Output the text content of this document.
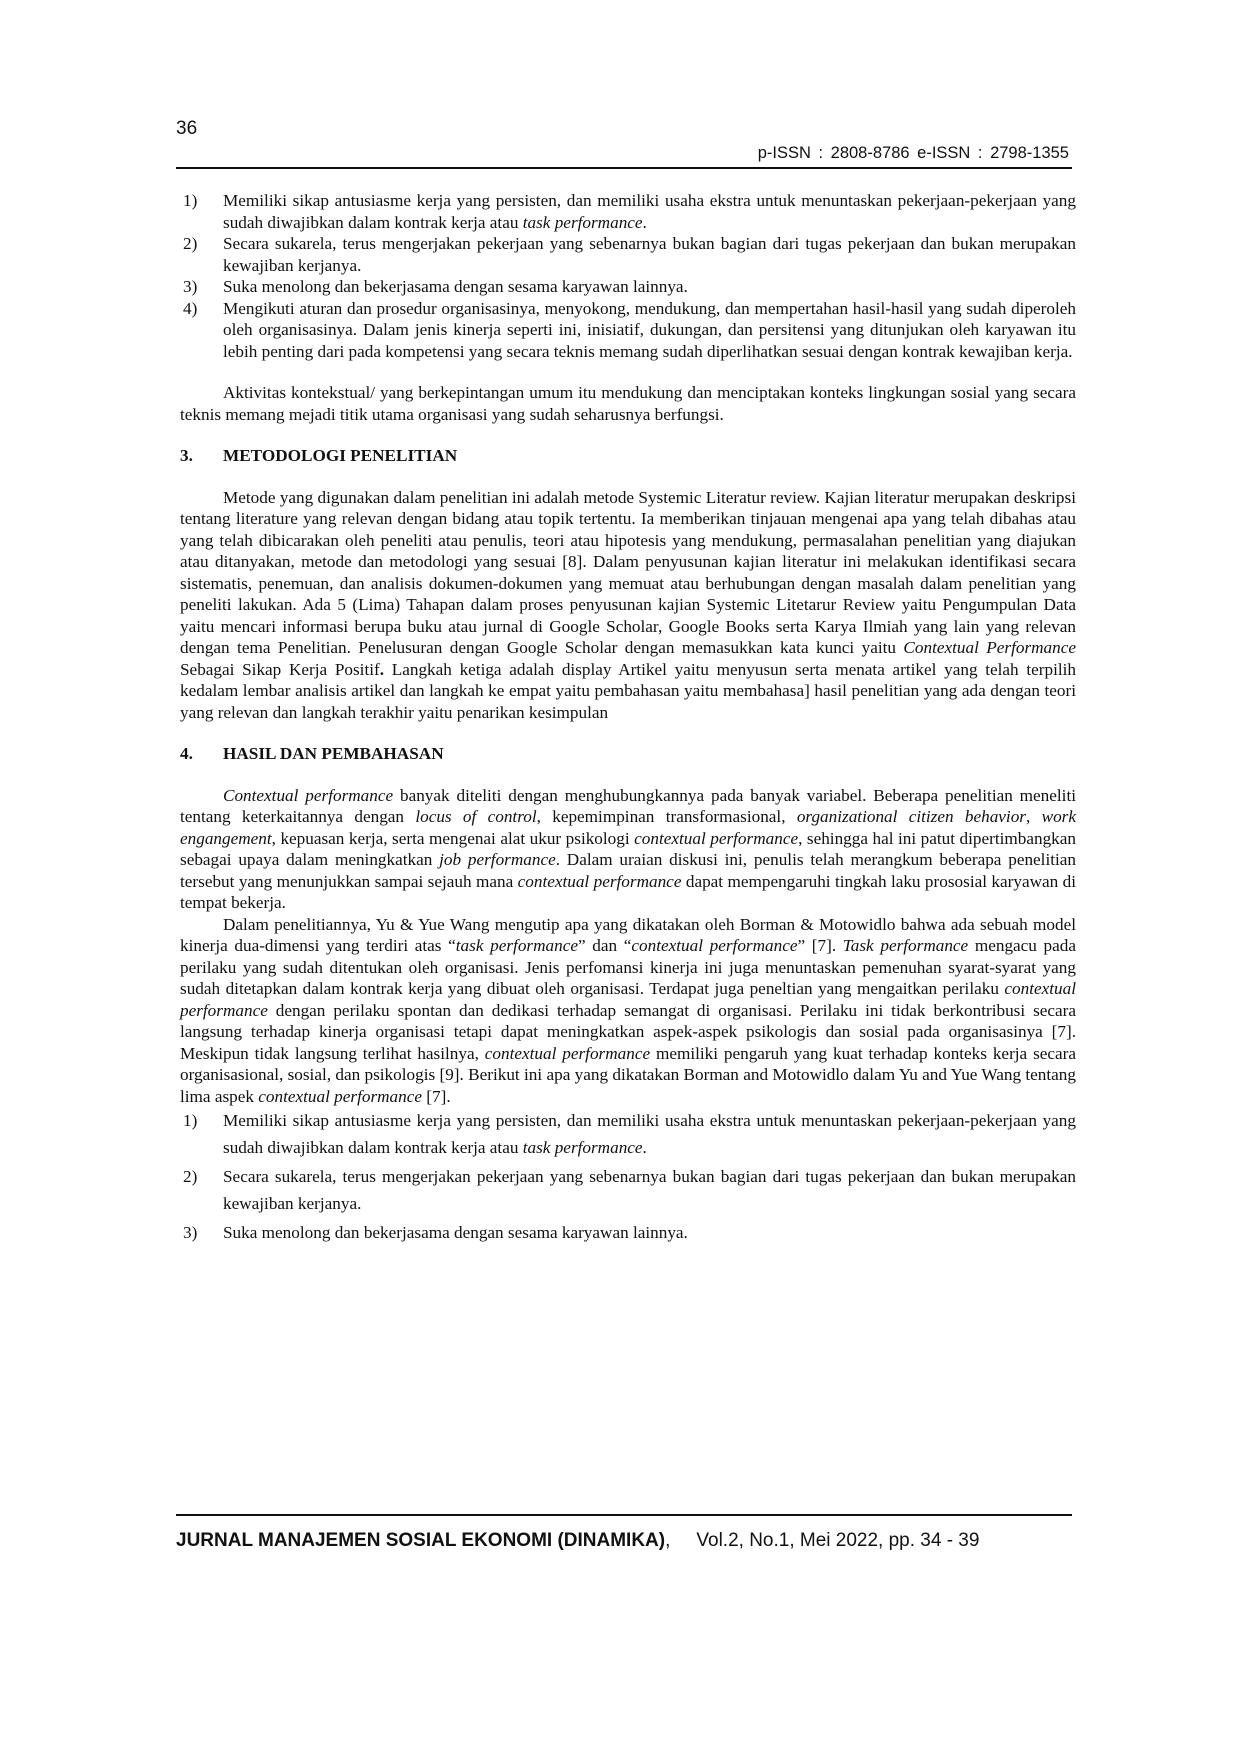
36
p-ISSN : 2808-8786 e-ISSN : 2798-1355
1) Memiliki sikap antusiasme kerja yang persisten, dan memiliki usaha ekstra untuk menuntaskan pekerjaan-pekerjaan yang sudah diwajibkan dalam kontrak kerja atau task performance.
2) Secara sukarela, terus mengerjakan pekerjaan yang sebenarnya bukan bagian dari tugas pekerjaan dan bukan merupakan kewajiban kerjanya.
3) Suka menolong dan bekerjasama dengan sesama karyawan lainnya.
4) Mengikuti aturan dan prosedur organisasinya, menyokong, mendukung, dan mempertahan hasil-hasil yang sudah diperoleh oleh organisasinya. Dalam jenis kinerja seperti ini, inisiatif, dukungan, dan persitensi yang ditunjukan oleh karyawan itu lebih penting dari pada kompetensi yang secara teknis memang sudah diperlihatkan sesuai dengan kontrak kewajiban kerja.

Aktivitas kontekstual/ yang berkepintangan umum itu mendukung dan menciptakan konteks lingkungan sosial yang secara teknis memang mejadi titik utama organisasi yang sudah seharusnya berfungsi.

3.	METODOLOGI PENELITIAN

Metode yang digunakan dalam penelitian ini adalah metode Systemic Literatur review. Kajian literatur merupakan deskripsi tentang literature yang relevan dengan bidang atau topik tertentu. Ia memberikan tinjauan mengenai apa yang telah dibahas atau yang telah dibicarakan oleh peneliti atau penulis, teori atau hipotesis yang mendukung, permasalahan penelitian yang diajukan atau ditanyakan, metode dan metodologi yang sesuai [8]. Dalam penyusunan kajian literatur ini melakukan identifikasi secara sistematis, penemuan, dan analisis dokumen-dokumen yang memuat atau berhubungan dengan masalah dalam penelitian yang peneliti lakukan. Ada 5 (Lima) Tahapan dalam proses penyusunan kajian Systemic Litetarur Review yaitu Pengumpulan Data yaitu mencari informasi berupa buku atau jurnal di Google Scholar, Google Books serta Karya Ilmiah yang lain yang relevan dengan tema Penelitian. Penelusuran dengan Google Scholar dengan memasukkan kata kunci yaitu Contextual Performance Sebagai Sikap Kerja Positif. Langkah ketiga adalah display Artikel yaitu menyusun serta menata artikel yang telah terpilih kedalam lembar analisis artikel dan langkah ke empat yaitu pembahasan yaitu membahasa] hasil penelitian yang ada dengan teori yang relevan dan langkah terakhir yaitu penarikan kesimpulan

4.	HASIL DAN PEMBAHASAN

Contextual performance banyak diteliti dengan menghubungkannya pada banyak variabel. Beberapa penelitian meneliti tentang keterkaitannya dengan locus of control, kepemimpinan transformasional, organizational citizen behavior, work engangement, kepuasan kerja, serta mengenai alat ukur psikologi contextual performance, sehingga hal ini patut dipertimbangkan sebagai upaya dalam meningkatkan job performance. Dalam uraian diskusi ini, penulis telah merangkum beberapa penelitian tersebut yang menunjukkan sampai sejauh mana contextual performance dapat mempengaruhi tingkah laku prososial karyawan di tempat bekerja.

Dalam penelitiannya, Yu & Yue Wang mengutip apa yang dikatakan oleh Borman & Motowidlo bahwa ada sebuah model kinerja dua-dimensi yang terdiri atas “task performance” dan “contextual performance” [7]. Task performance mengacu pada perilaku yang sudah ditentukan oleh organisasi. Jenis perfomansi kinerja ini juga menuntaskan pemenuhan syarat-syarat yang sudah ditetapkan dalam kontrak kerja yang dibuat oleh organisasi. Terdapat juga peneltian yang mengaitkan perilaku contextual performance dengan perilaku spontan dan dedikasi terhadap semangat di organisasi. Perilaku ini tidak berkontribusi secara langsung terhadap kinerja organisasi tetapi dapat meningkatkan aspek-aspek psikologis dan sosial pada organisasinya [7]. Meskipun tidak langsung terlihat hasilnya, contextual performance memiliki pengaruh yang kuat terhadap konteks kerja secara organisasional, sosial, dan psikologis [9]. Berikut ini apa yang dikatakan Borman and Motowidlo dalam Yu and Yue Wang tentang lima aspek contextual performance [7].

1) Memiliki sikap antusiasme kerja yang persisten, dan memiliki usaha ekstra untuk menuntaskan pekerjaan-pekerjaan yang sudah diwajibkan dalam kontrak kerja atau task performance.
2) Secara sukarela, terus mengerjakan pekerjaan yang sebenarnya bukan bagian dari tugas pekerjaan dan bukan merupakan kewajiban kerjanya.
3) Suka menolong dan bekerjasama dengan sesama karyawan lainnya.
JURNAL MANAJEMEN SOSIAL EKONOMI (DINAMIKA), Vol.2, No.1, Mei 2022, pp. 34 - 39
